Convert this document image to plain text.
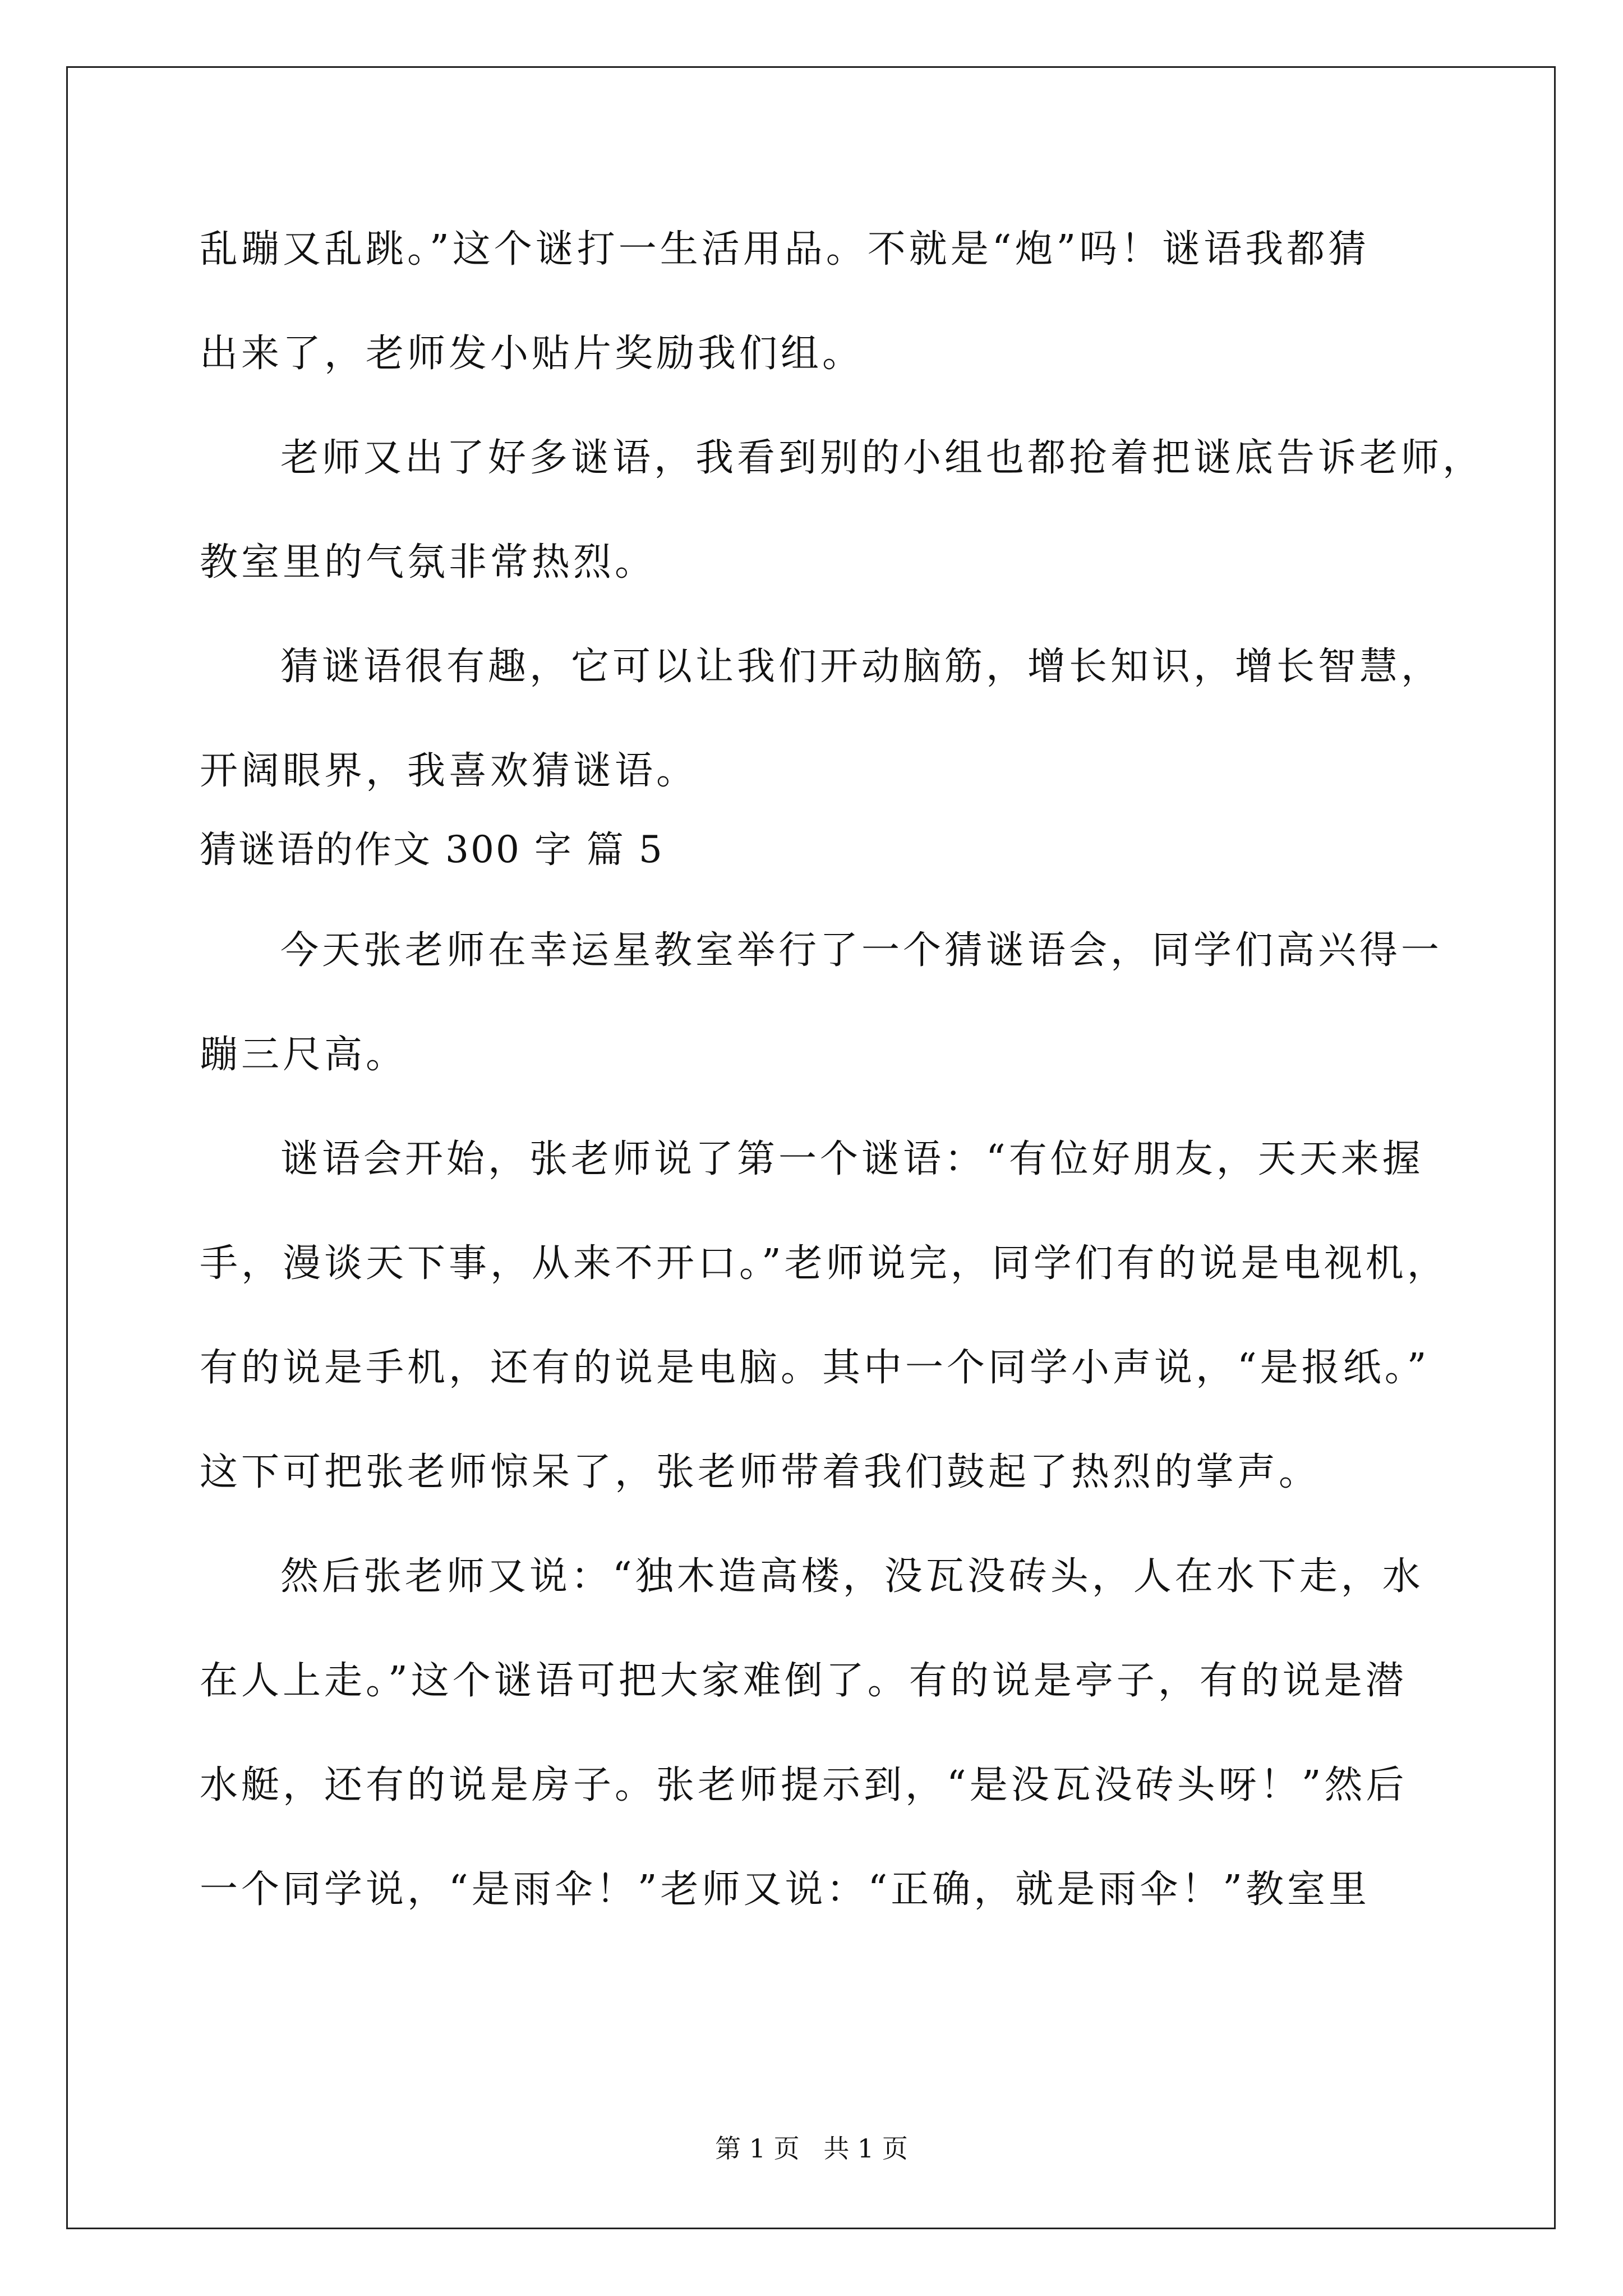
乱蹦又乱跳。”这个谜打一生活用品。不就是“炮”吗！谜语我都猜
出来了，老师发小贴片奖励我们组。
老师又出了好多谜语，我看到别的小组也都抢着把谜底告诉老师，
教室里的气氛非常热烈。
猜谜语很有趣，它可以让我们开动脑筋，增长知识，增长智慧，
开阔眼界，我喜欢猜谜语。
猜谜语的作文 300 字 篇 5
今天张老师在幸运星教室举行了一个猜谜语会，同学们高兴得一
蹦三尺高。
谜语会开始，张老师说了第一个谜语：“有位好朋友，天天来握
手，漫谈天下事，从来不开口。”老师说完，同学们有的说是电视机，
有的说是手机，还有的说是电脑。其中一个同学小声说，“是报纸。”
这下可把张老师惊呆了，张老师带着我们鼓起了热烈的掌声。
然后张老师又说：“独木造高楼，没瓦没砖头，人在水下走，水
在人上走。”这个谜语可把大家难倒了。有的说是亭子，有的说是潜
水艇，还有的说是房子。张老师提示到，“是没瓦没砖头呀！”然后
一个同学说，“是雨伞！”老师又说：“正确，就是雨伞！”教室里
第 1 页 共 1 页
